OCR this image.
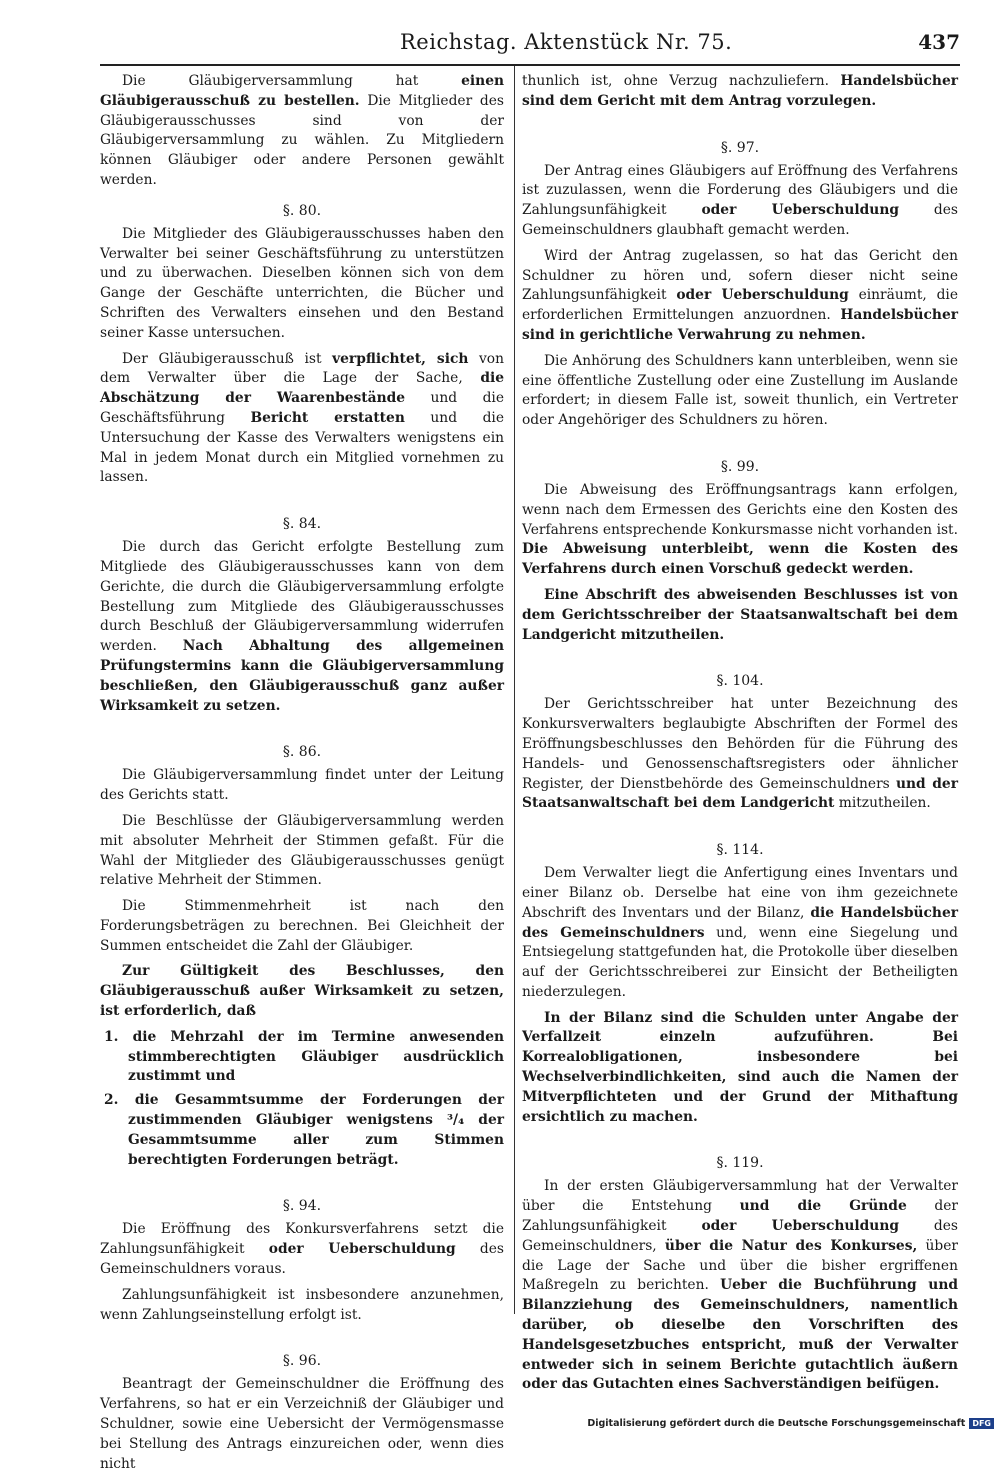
Reichstag. Aktenstück Nr. 75.	437

Die Gläubigerversammlung hat einen Gläubigerausschuß zu bestellen. Die Mitglieder des Gläubigerausschusses sind von der Gläubigerversammlung zu wählen. Zu Mitgliedern können Gläubiger oder andere Personen gewählt werden.

§. 80.

Die Mitglieder des Gläubigerausschusses haben den Verwalter bei seiner Geschäftsführung zu unterstützen und zu überwachen. Dieselben können sich von dem Gange der Geschäfte unterrichten, die Bücher und Schriften des Verwalters einsehen und den Bestand seiner Kasse untersuchen.

Der Gläubigerausschuß ist verpflichtet, sich von dem Verwalter über die Lage der Sache, die Abschätzung der Waarenbestände und die Geschäftsführung Bericht erstatten und die Untersuchung der Kasse des Verwalters wenigstens ein Mal in jedem Monat durch ein Mitglied vornehmen zu lassen.

§. 84.

Die durch das Gericht erfolgte Bestellung zum Mitgliede des Gläubigerausschusses kann von dem Gerichte, die durch die Gläubigerversammlung erfolgte Bestellung zum Mitgliede des Gläubigerausschusses durch Beschluß der Gläubigerversammlung widerrufen werden. Nach Abhaltung des allgemeinen Prüfungstermins kann die Gläubigerversammlung beschließen, den Gläubigerausschuß ganz außer Wirksamkeit zu setzen.

§. 86.

Die Gläubigerversammlung findet unter der Leitung des Gerichts statt.

Die Beschlüsse der Gläubigerversammlung werden mit absoluter Mehrheit der Stimmen gefaßt. Für die Wahl der Mitglieder des Gläubigerausschusses genügt relative Mehrheit der Stimmen.

Die Stimmenmehrheit ist nach den Forderungsbeträgen zu berechnen. Bei Gleichheit der Summen entscheidet die Zahl der Gläubiger.

Zur Gültigkeit des Beschlusses, den Gläubigerausschuß außer Wirksamkeit zu setzen, ist erforderlich, daß

1. die Mehrzahl der im Termine anwesenden stimmberechtigten Gläubiger ausdrücklich zustimmt und
2. die Gesammtsumme der Forderungen der zustimmenden Gläubiger wenigstens ³/₄ der Gesammtsumme aller zum Stimmen berechtigten Forderungen beträgt.
§. 94.

Die Eröffnung des Konkursverfahrens setzt die Zahlungsunfähigkeit oder Ueberschuldung des Gemeinschuldners voraus.

Zahlungsunfähigkeit ist insbesondere anzunehmen, wenn Zahlungseinstellung erfolgt ist.

§. 96.

Beantragt der Gemeinschuldner die Eröffnung des Verfahrens, so hat er ein Verzeichniß der Gläubiger und Schuldner, sowie eine Uebersicht der Vermögensmasse bei Stellung des Antrags einzureichen oder, wenn dies nicht

thunlich ist, ohne Verzug nachzuliefern. Handelsbücher sind dem Gericht mit dem Antrag vorzulegen.

§. 97.

Der Antrag eines Gläubigers auf Eröffnung des Verfahrens ist zuzulassen, wenn die Forderung des Gläubigers und die Zahlungsunfähigkeit oder Ueberschuldung des Gemeinschuldners glaubhaft gemacht werden.

Wird der Antrag zugelassen, so hat das Gericht den Schuldner zu hören und, sofern dieser nicht seine Zahlungsunfähigkeit oder Ueberschuldung einräumt, die erforderlichen Ermittelungen anzuordnen. Handelsbücher sind in gerichtliche Verwahrung zu nehmen.

Die Anhörung des Schuldners kann unterbleiben, wenn sie eine öffentliche Zustellung oder eine Zustellung im Auslande erfordert; in diesem Falle ist, soweit thunlich, ein Vertreter oder Angehöriger des Schuldners zu hören.

§. 99.

Die Abweisung des Eröffnungsantrags kann erfolgen, wenn nach dem Ermessen des Gerichts eine den Kosten des Verfahrens entsprechende Konkursmasse nicht vorhanden ist. Die Abweisung unterbleibt, wenn die Kosten des Verfahrens durch einen Vorschuß gedeckt werden.

Eine Abschrift des abweisenden Beschlusses ist von dem Gerichtsschreiber der Staatsanwaltschaft bei dem Landgericht mitzutheilen.

§. 104.

Der Gerichtsschreiber hat unter Bezeichnung des Konkursverwalters beglaubigte Abschriften der Formel des Eröffnungsbeschlusses den Behörden für die Führung des Handels- und Genossenschaftsregisters oder ähnlicher Register, der Dienstbehörde des Gemeinschuldners und der Staatsanwaltschaft bei dem Landgericht mitzutheilen.

§. 114.

Dem Verwalter liegt die Anfertigung eines Inventars und einer Bilanz ob. Derselbe hat eine von ihm gezeichnete Abschrift des Inventars und der Bilanz, die Handelsbücher des Gemeinschuldners und, wenn eine Siegelung und Entsiegelung stattgefunden hat, die Protokolle über dieselben auf der Gerichtsschreiberei zur Einsicht der Betheiligten niederzulegen.

In der Bilanz sind die Schulden unter Angabe der Verfallzeit einzeln aufzuführen. Bei Korrealobligationen, insbesondere bei Wechselverbindlichkeiten, sind auch die Namen der Mitverpflichteten und der Grund der Mithaftung ersichtlich zu machen.

§. 119.

In der ersten Gläubigerversammlung hat der Verwalter über die Entstehung und die Gründe der Zahlungsunfähigkeit oder Ueberschuldung des Gemeinschuldners, über die Natur des Konkurses, über die Lage der Sache und über die bisher ergriffenen Maßregeln zu berichten. Ueber die Buchführung und Bilanzziehung des Gemeinschuldners, namentlich darüber, ob dieselbe den Vorschriften des Handelsgesetzbuches entspricht, muß der Verwalter entweder sich in seinem Berichte gutachtlich äußern oder das Gutachten eines Sachverständigen beifügen.

Digitalisierung gefördert durch die Deutsche Forschungsgemeinschaft DFG
